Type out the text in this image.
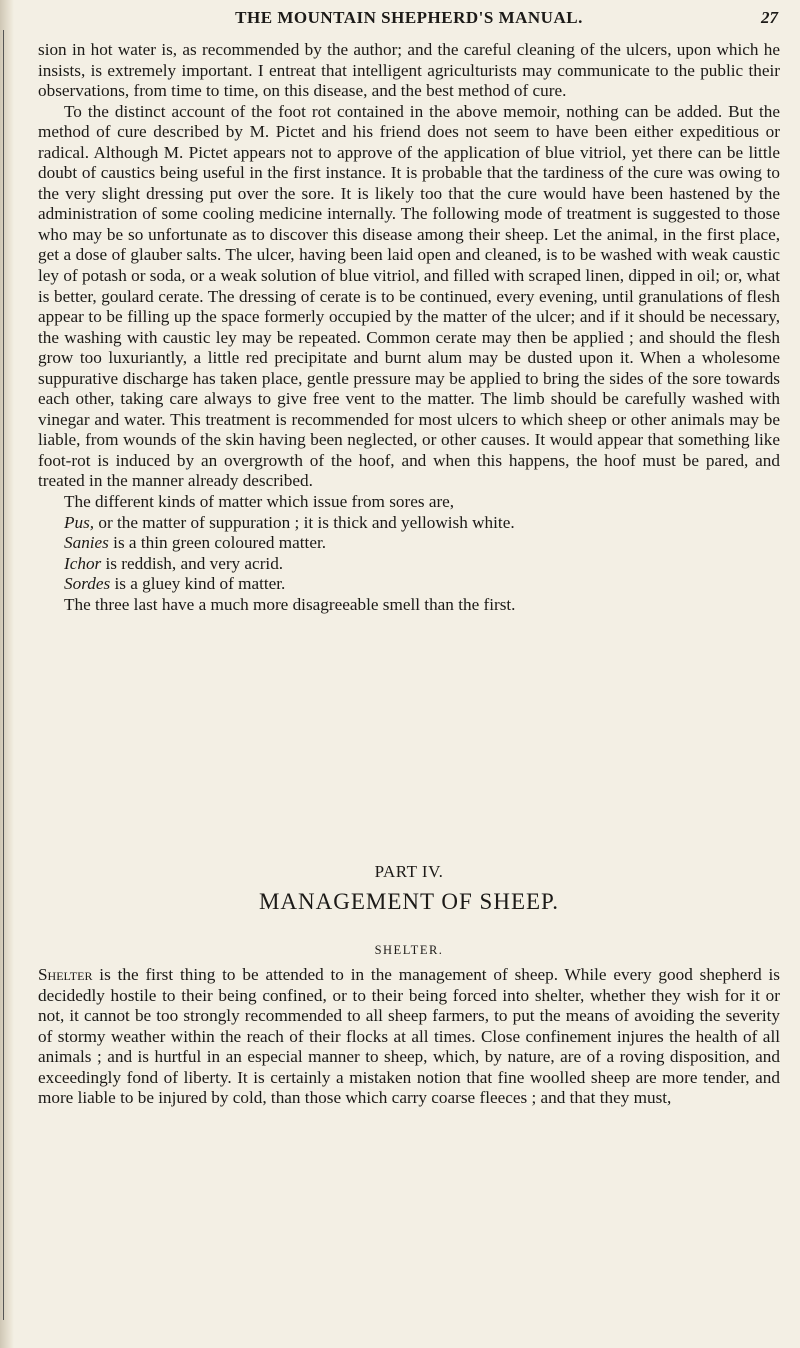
THE MOUNTAIN SHEPHERD'S MANUAL.	27

sion in hot water is, as recommended by the author; and the careful cleaning of the ulcers, upon which he insists, is extremely important. I entreat that intelligent agriculturists may communicate to the public their observations, from time to time, on this disease, and the best method of cure.

To the distinct account of the foot rot contained in the above memoir, nothing can be added. But the method of cure described by M. Pictet and his friend does not seem to have been either expeditious or radical. Although M. Pictet appears not to approve of the application of blue vitriol, yet there can be little doubt of caustics being useful in the first instance. It is probable that the tardiness of the cure was owing to the very slight dressing put over the sore. It is likely too that the cure would have been hastened by the administration of some cooling medicine internally. The following mode of treatment is suggested to those who may be so unfortunate as to discover this disease among their sheep. Let the animal, in the first place, get a dose of glauber salts. The ulcer, having been laid open and cleaned, is to be washed with weak caustic ley of potash or soda, or a weak solution of blue vitriol, and filled with scraped linen, dipped in oil; or, what is better, goulard cerate. The dressing of cerate is to be continued, every evening, until granulations of flesh appear to be filling up the space formerly occupied by the matter of the ulcer; and if it should be necessary, the washing with caustic ley may be repeated. Common cerate may then be applied ; and should the flesh grow too luxuriantly, a little red precipitate and burnt alum may be dusted upon it. When a wholesome suppurative discharge has taken place, gentle pressure may be applied to bring the sides of the sore towards each other, taking care always to give free vent to the matter. The limb should be carefully washed with vinegar and water. This treatment is recommended for most ulcers to which sheep or other animals may be liable, from wounds of the skin having been neglected, or other causes. It would appear that something like foot-rot is induced by an overgrowth of the hoof, and when this happens, the hoof must be pared, and treated in the manner already described.

The different kinds of matter which issue from sores are,

Pus, or the matter of suppuration ; it is thick and yellowish white.

Sanies is a thin green coloured matter.

Ichor is reddish, and very acrid.

Sordes is a gluey kind of matter.

The three last have a much more disagreeable smell than the first.

PART IV.
MANAGEMENT OF SHEEP.
SHELTER.

Shelter is the first thing to be attended to in the management of sheep. While every good shepherd is decidedly hostile to their being confined, or to their being forced into shelter, whether they wish for it or not, it cannot be too strongly recommended to all sheep farmers, to put the means of avoiding the severity of stormy weather within the reach of their flocks at all times. Close confinement injures the health of all animals ; and is hurtful in an especial manner to sheep, which, by nature, are of a roving disposition, and exceedingly fond of liberty. It is certainly a mistaken notion that fine woolled sheep are more tender, and more liable to be injured by cold, than those which carry coarse fleeces ; and that they must,
